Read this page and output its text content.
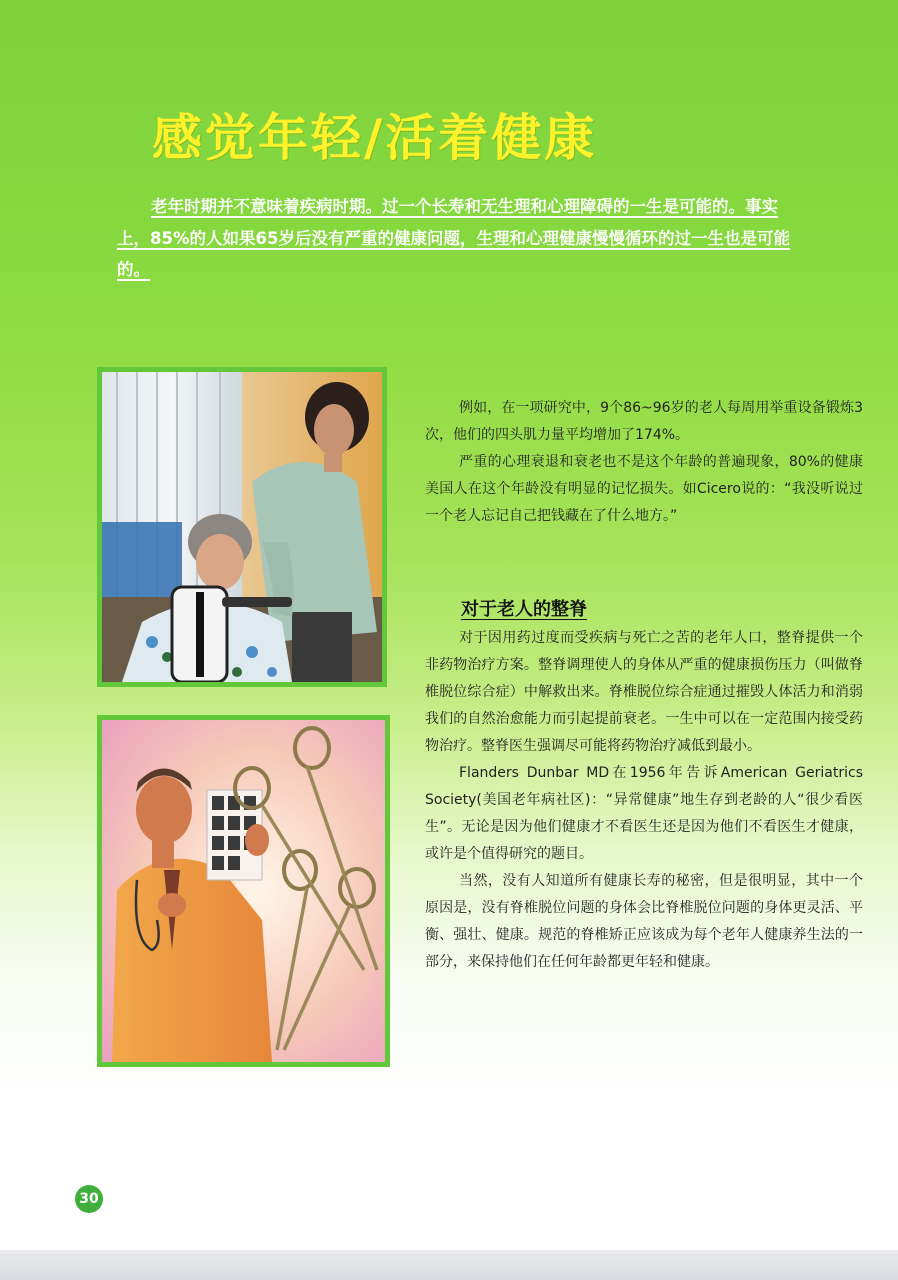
感觉年轻/活着健康
老年时期并不意味着疾病时期。过一个长寿和无生理和心理障碍的一生是可能的。事实上，85%的人如果65岁后没有严重的健康问题，生理和心理健康慢慢循环的过一生也是可能的。

例如，在一项研究中，9个86~96岁的老人每周用举重设备锻炼3次，他们的四头肌力量平均增加了174%。

严重的心理衰退和衰老也不是这个年龄的普遍现象，80%的健康美国人在这个年龄没有明显的记忆损失。如Cicero说的：“我没听说过一个老人忘记自己把钱藏在了什么地方。”

对于老人的整脊

对于因用药过度而受疾病与死亡之苦的老年人口，整脊提供一个非药物治疗方案。整脊调理使人的身体从严重的健康损伤压力（叫做脊椎脱位综合症）中解救出来。脊椎脱位综合症通过摧毁人体活力和消弱我们的自然治愈能力而引起提前衰老。一生中可以在一定范围内接受药物治疗。整脊医生强调尽可能将药物治疗减低到最小。

Flanders Dunbar MD在1956年告诉American Geriatrics Society(美国老年病社区)：“异常健康”地生存到老龄的人“很少看医生”。无论是因为他们健康才不看医生还是因为他们不看医生才健康，或许是个值得研究的题目。

当然，没有人知道所有健康长寿的秘密，但是很明显，其中一个原因是，没有脊椎脱位问题的身体会比脊椎脱位问题的身体更灵活、平衡、强壮、健康。规范的脊椎矫正应该成为每个老年人健康养生法的一部分，来保持他们在任何年龄都更年轻和健康。

30
